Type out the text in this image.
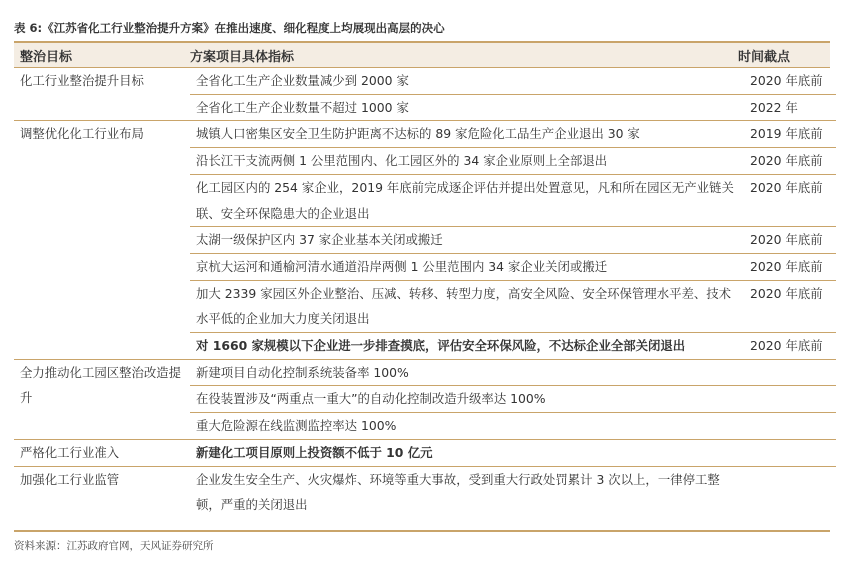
表 6:《江苏省化工行业整治提升方案》在推出速度、细化程度上均展现出高层的决心
整治目标	方案项目具体指标	时间截点
化工行业整治提升目标	全省化工生产企业数量减少到 2000 家	2020 年底前
	全省化工生产企业数量不超过 1000 家	2022 年
调整优化化工行业布局	城镇人口密集区安全卫生防护距离不达标的 89 家危险化工品生产企业退出 30 家	2019 年底前
	沿长江干支流两侧 1 公里范围内、化工园区外的 34 家企业原则上全部退出	2020 年底前
	化工园区内的 254 家企业，2019 年底前完成逐企评估并提出处置意见，凡和所在园区无产业链关联、安全环保隐患大的企业退出	2020 年底前
	太湖一级保护区内 37 家企业基本关闭或搬迁	2020 年底前
	京杭大运河和通榆河清水通道沿岸两侧 1 公里范围内 34 家企业关闭或搬迁	2020 年底前
	加大 2339 家园区外企业整治、压减、转移、转型力度，高安全风险、安全环保管理水平差、技术水平低的企业加大力度关闭退出	2020 年底前
	对 1660 家规模以下企业进一步排查摸底，评估安全环保风险，不达标企业全部关闭退出	2020 年底前
全力推动化工园区整治改造提升	新建项目自动化控制系统装备率 100%	
	在役装置涉及“两重点一重大”的自动化控制改造升级率达 100%	
	重大危险源在线监测监控率达 100%	
严格化工行业准入	新建化工项目原则上投资额不低于 10 亿元	
加强化工行业监管	企业发生安全生产、火灾爆炸、环境等重大事故，受到重大行政处罚累计 3 次以上，一律停工整顿，严重的关闭退出	
资料来源：江苏政府官网，天风证券研究所
